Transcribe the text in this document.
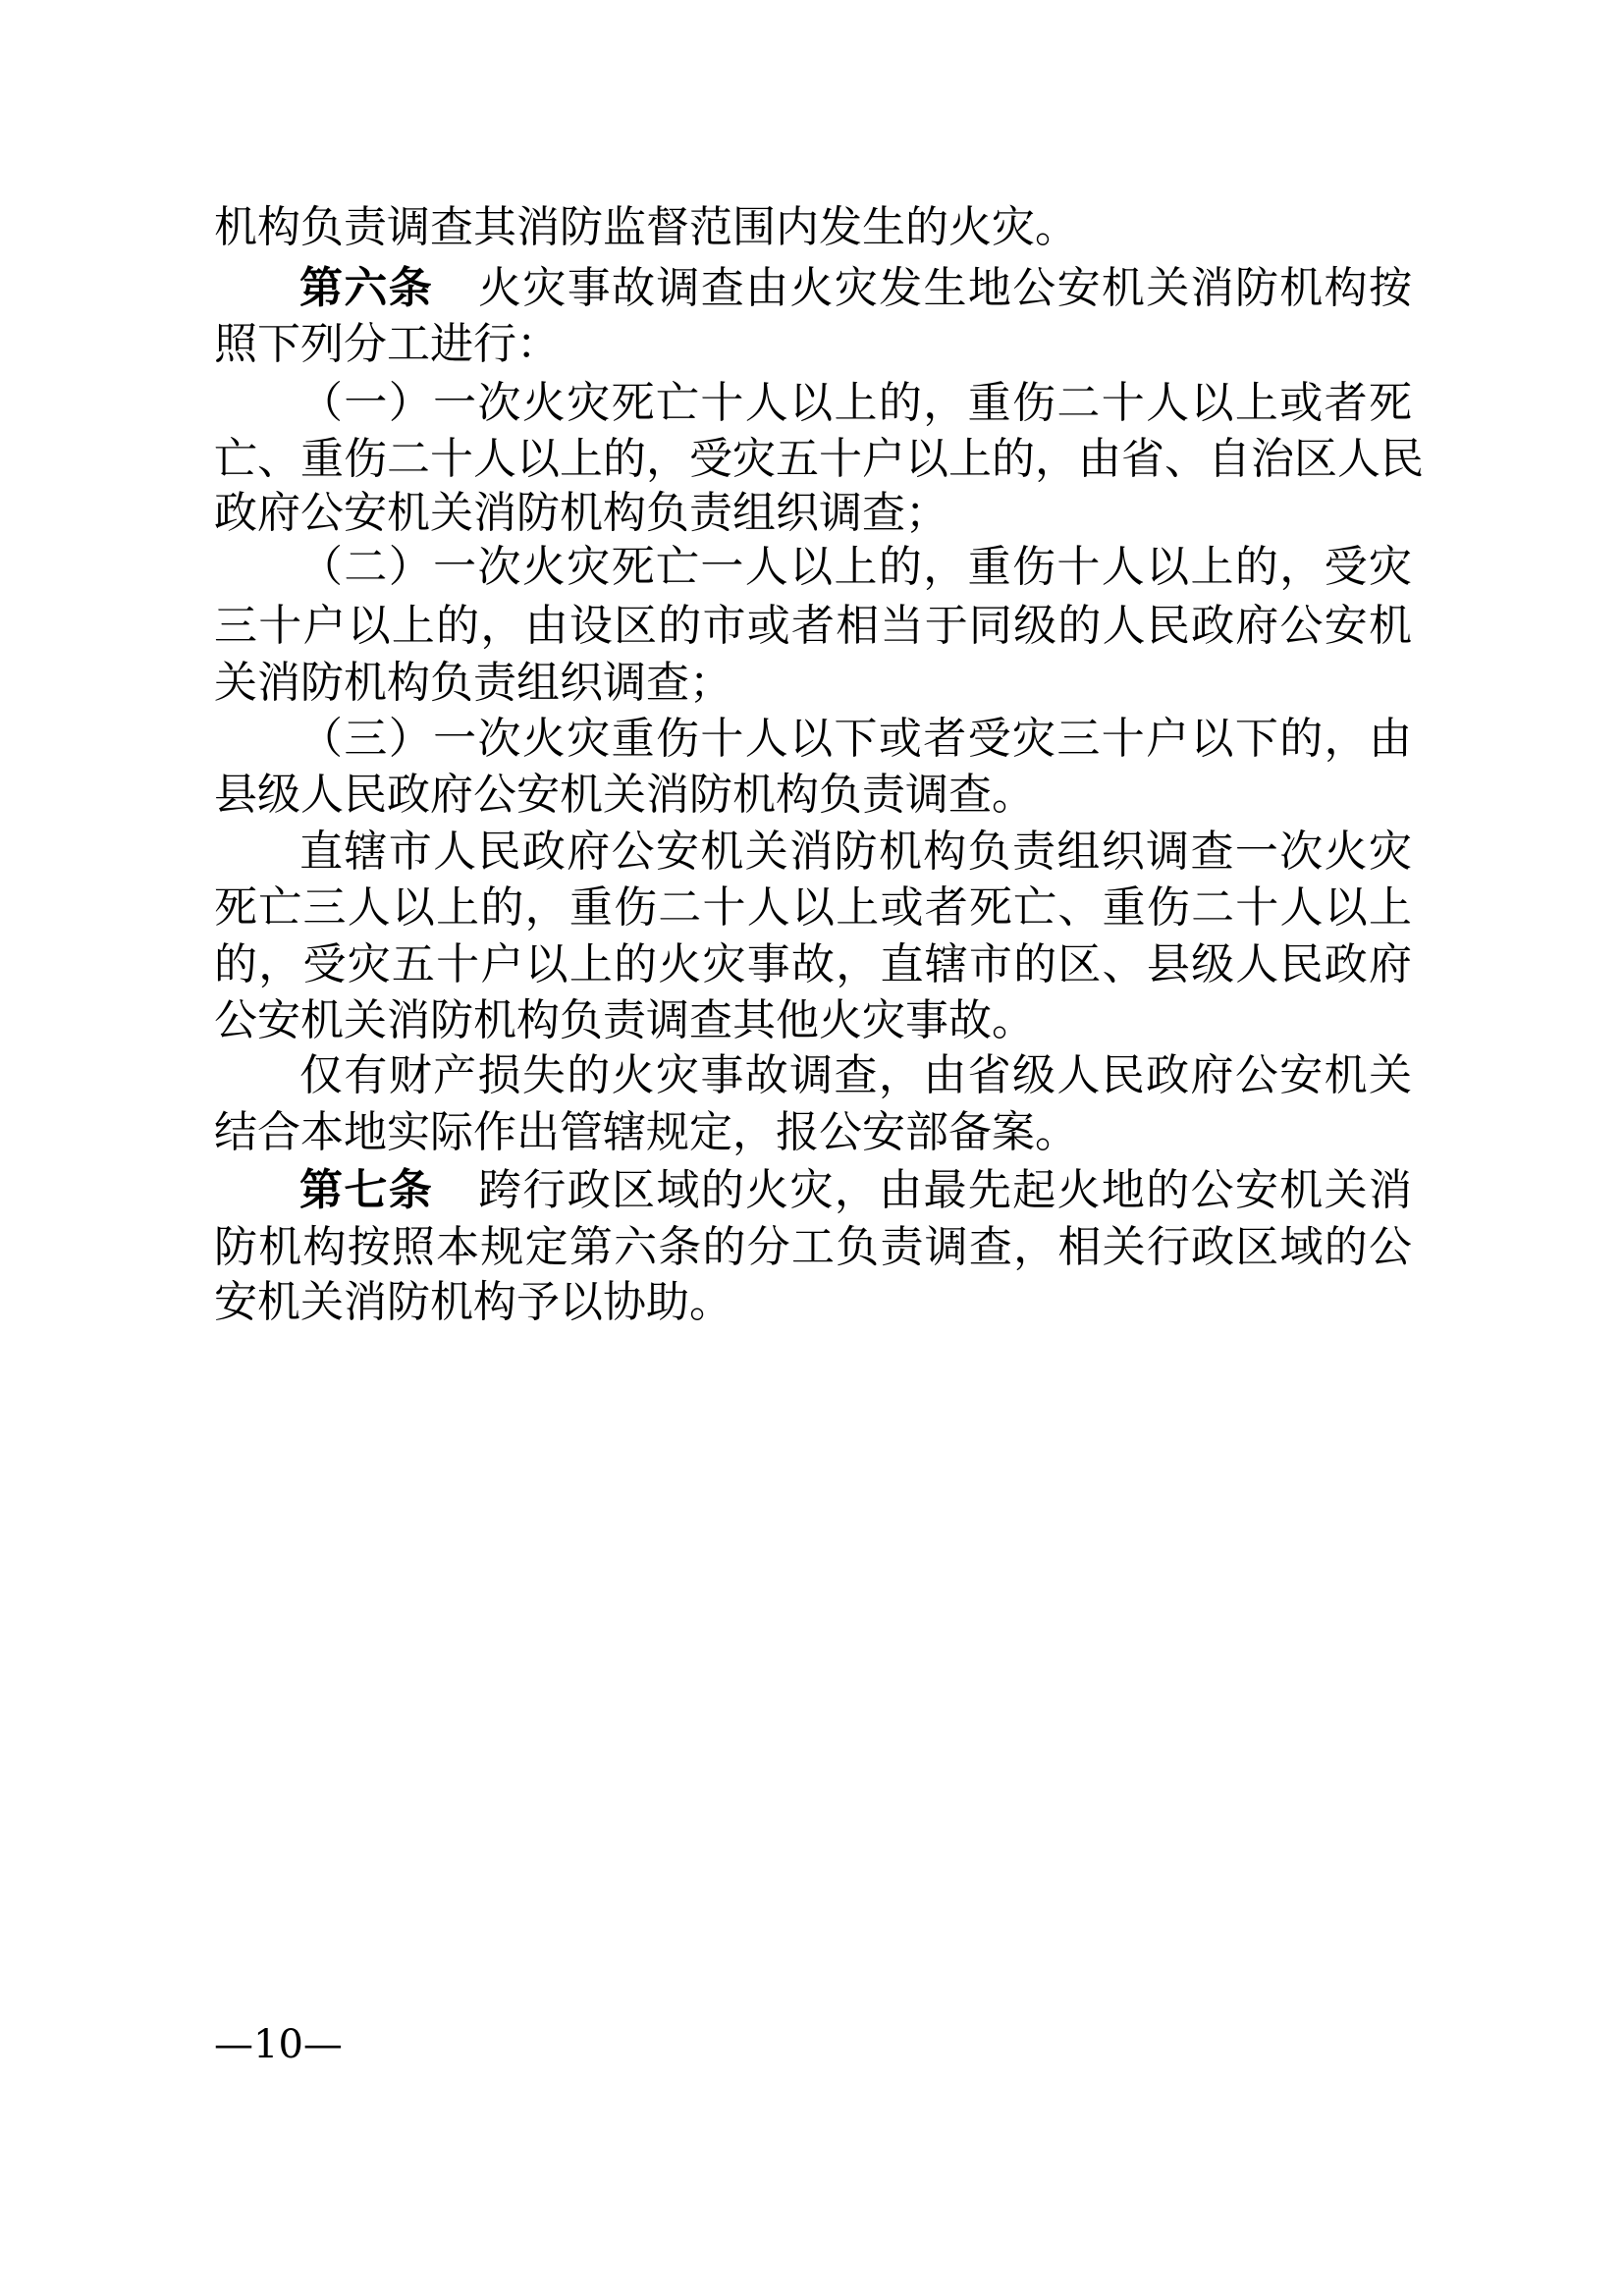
机构负责调查其消防监督范围内发生的火灾。
第六条 火灾事故调查由火灾发生地公安机关消防机构按
照下列分工进行：
（一）一次火灾死亡十人以上的，重伤二十人以上或者死
亡、重伤二十人以上的，受灾五十户以上的，由省、自治区人民
政府公安机关消防机构负责组织调查；
（二）一次火灾死亡一人以上的，重伤十人以上的，受灾
三十户以上的，由设区的市或者相当于同级的人民政府公安机
关消防机构负责组织调查；
（三）一次火灾重伤十人以下或者受灾三十户以下的，由
县级人民政府公安机关消防机构负责调查。
直辖市人民政府公安机关消防机构负责组织调查一次火灾
死亡三人以上的，重伤二十人以上或者死亡、重伤二十人以上
的，受灾五十户以上的火灾事故，直辖市的区、县级人民政府
公安机关消防机构负责调查其他火灾事故。
仅有财产损失的火灾事故调查，由省级人民政府公安机关
结合本地实际作出管辖规定，报公安部备案。
第七条 跨行政区域的火灾，由最先起火地的公安机关消
防机构按照本规定第六条的分工负责调查，相关行政区域的公
安机关消防机构予以协助。
—10—
